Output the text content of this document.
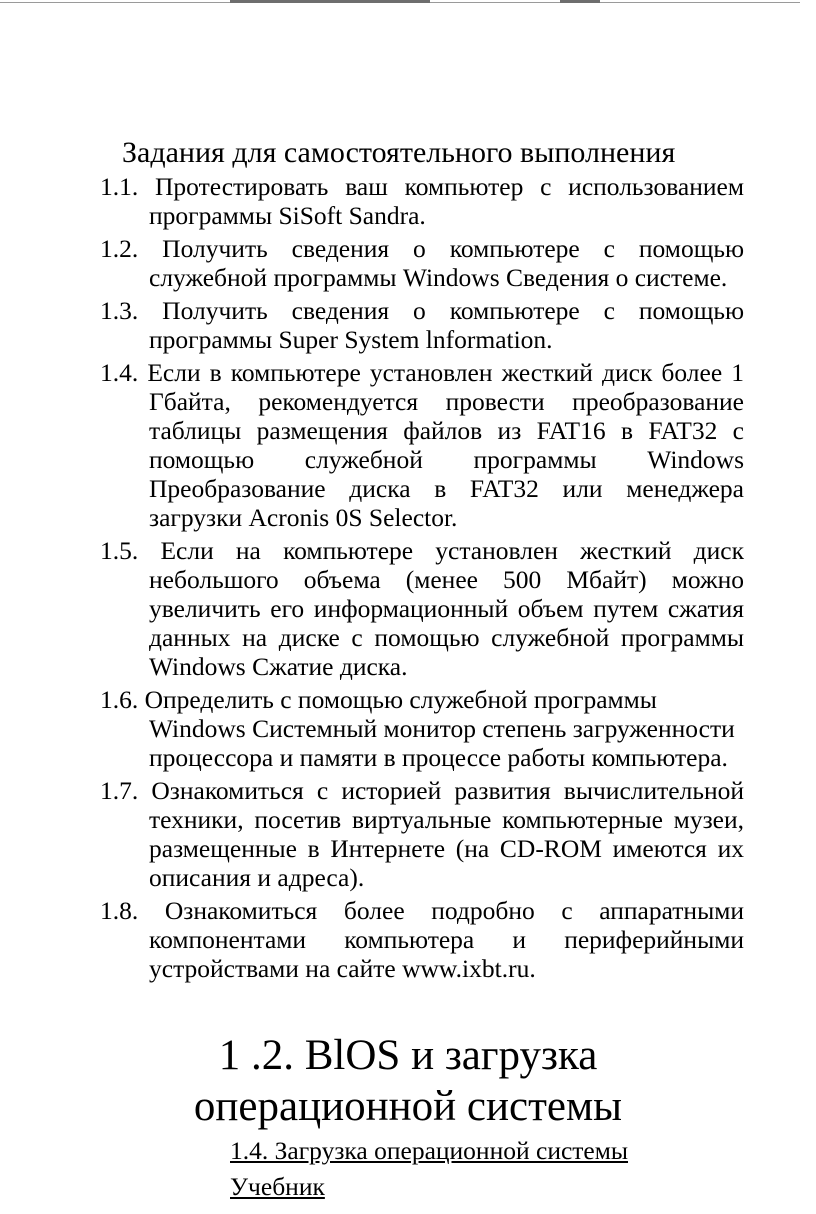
Задания для самостоятельного выполнения

1.1. Протестировать ваш компьютер с использованием программы SiSoft Sandra.

1.2. Получить сведения о компьютере с помощью служебной программы Windows Сведения о системе.

1.3. Получить сведения о компьютере с помощью программы Super System lnformation.

1.4. Если в компьютере установлен жесткий диск более 1 Гбайта, рекомендуется провести преобразование таблицы размещения файлов из FAT16 в FAT32 с помощью служебной программы Windows Преобразование диска в FAT32 или менеджера загрузки Acronis 0S Selector.

1.5. Если на компьютере установлен жесткий диск небольшого объема (менее 500 Мбайт) можно увеличить его информационный объем путем сжатия данных на диске с помощью служебной программы Windows Сжатие диска.

1.6. Определить с помощью служебной программы Windows Системный монитор степень загруженности процессора и памяти в процессе работы компьютера.

1.7. Ознакомиться с историей развития вычислительной техники, посетив виртуальные компьютерные музеи, размещенные в Интернете (на CD-ROM имеются их описания и адреса).

1.8. Ознакомиться более подробно с аппаратными компонентами компьютера и периферийными устройствами на сайте www.ixbt.ru.

1 .2. BlOS и загрузка
операционной системы
1.4. Загрузка операционной системы
Учебник
